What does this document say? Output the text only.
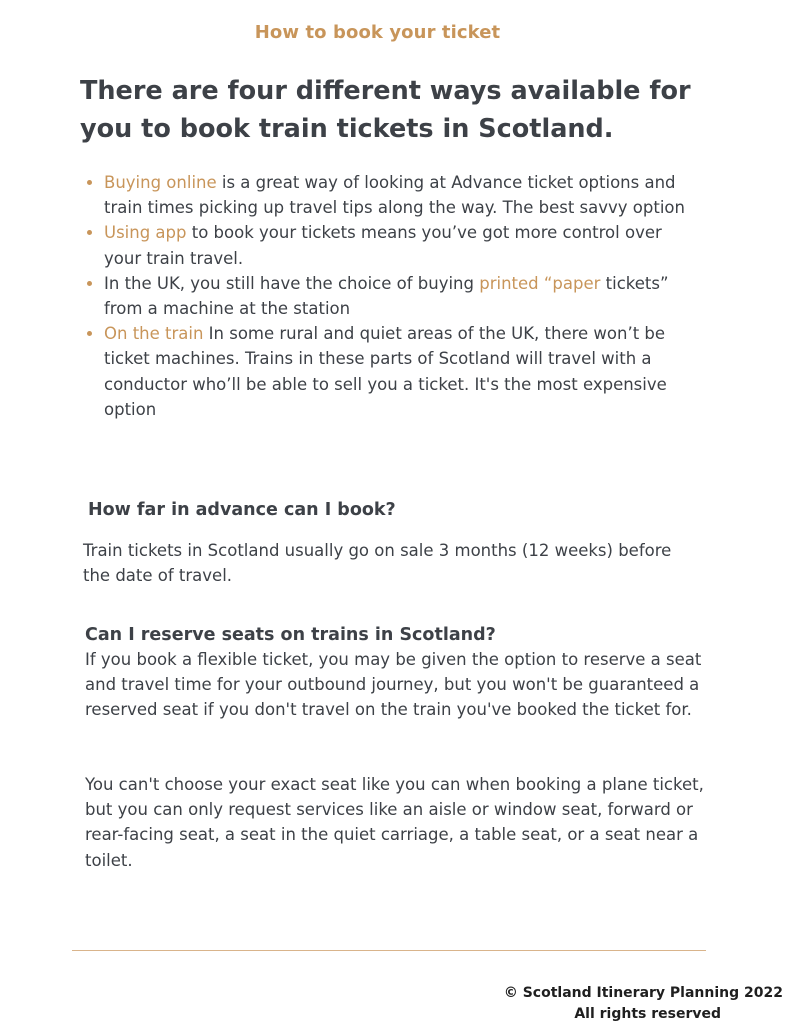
How to book your ticket
There are four different ways available for you to book train tickets in Scotland.
• Buying online is a great way of looking at Advance ticket options and train times picking up travel tips along the way. The best savvy option
• Using app to book your tickets means you’ve got more control over your train travel.
• In the UK, you still have the choice of buying printed “paper tickets” from a machine at the station
• On the train In some rural and quiet areas of the UK, there won’t be ticket machines. Trains in these parts of Scotland will travel with a conductor who’ll be able to sell you a ticket. It's the most expensive option
How far in advance can I book?

Train tickets in Scotland usually go on sale 3 months (12 weeks) before the date of travel.

Can I reserve seats on trains in Scotland?

If you book a flexible ticket, you may be given the option to reserve a seat and travel time for your outbound journey, but you won't be guaranteed a reserved seat if you don't travel on the train you've booked the ticket for.

You can't choose your exact seat like you can when booking a plane ticket, but you can only request services like an aisle or window seat, forward or rear-facing seat, a seat in the quiet carriage, a table seat, or a seat near a toilet.

© Scotland Itinerary Planning 2022
All rights reserved
